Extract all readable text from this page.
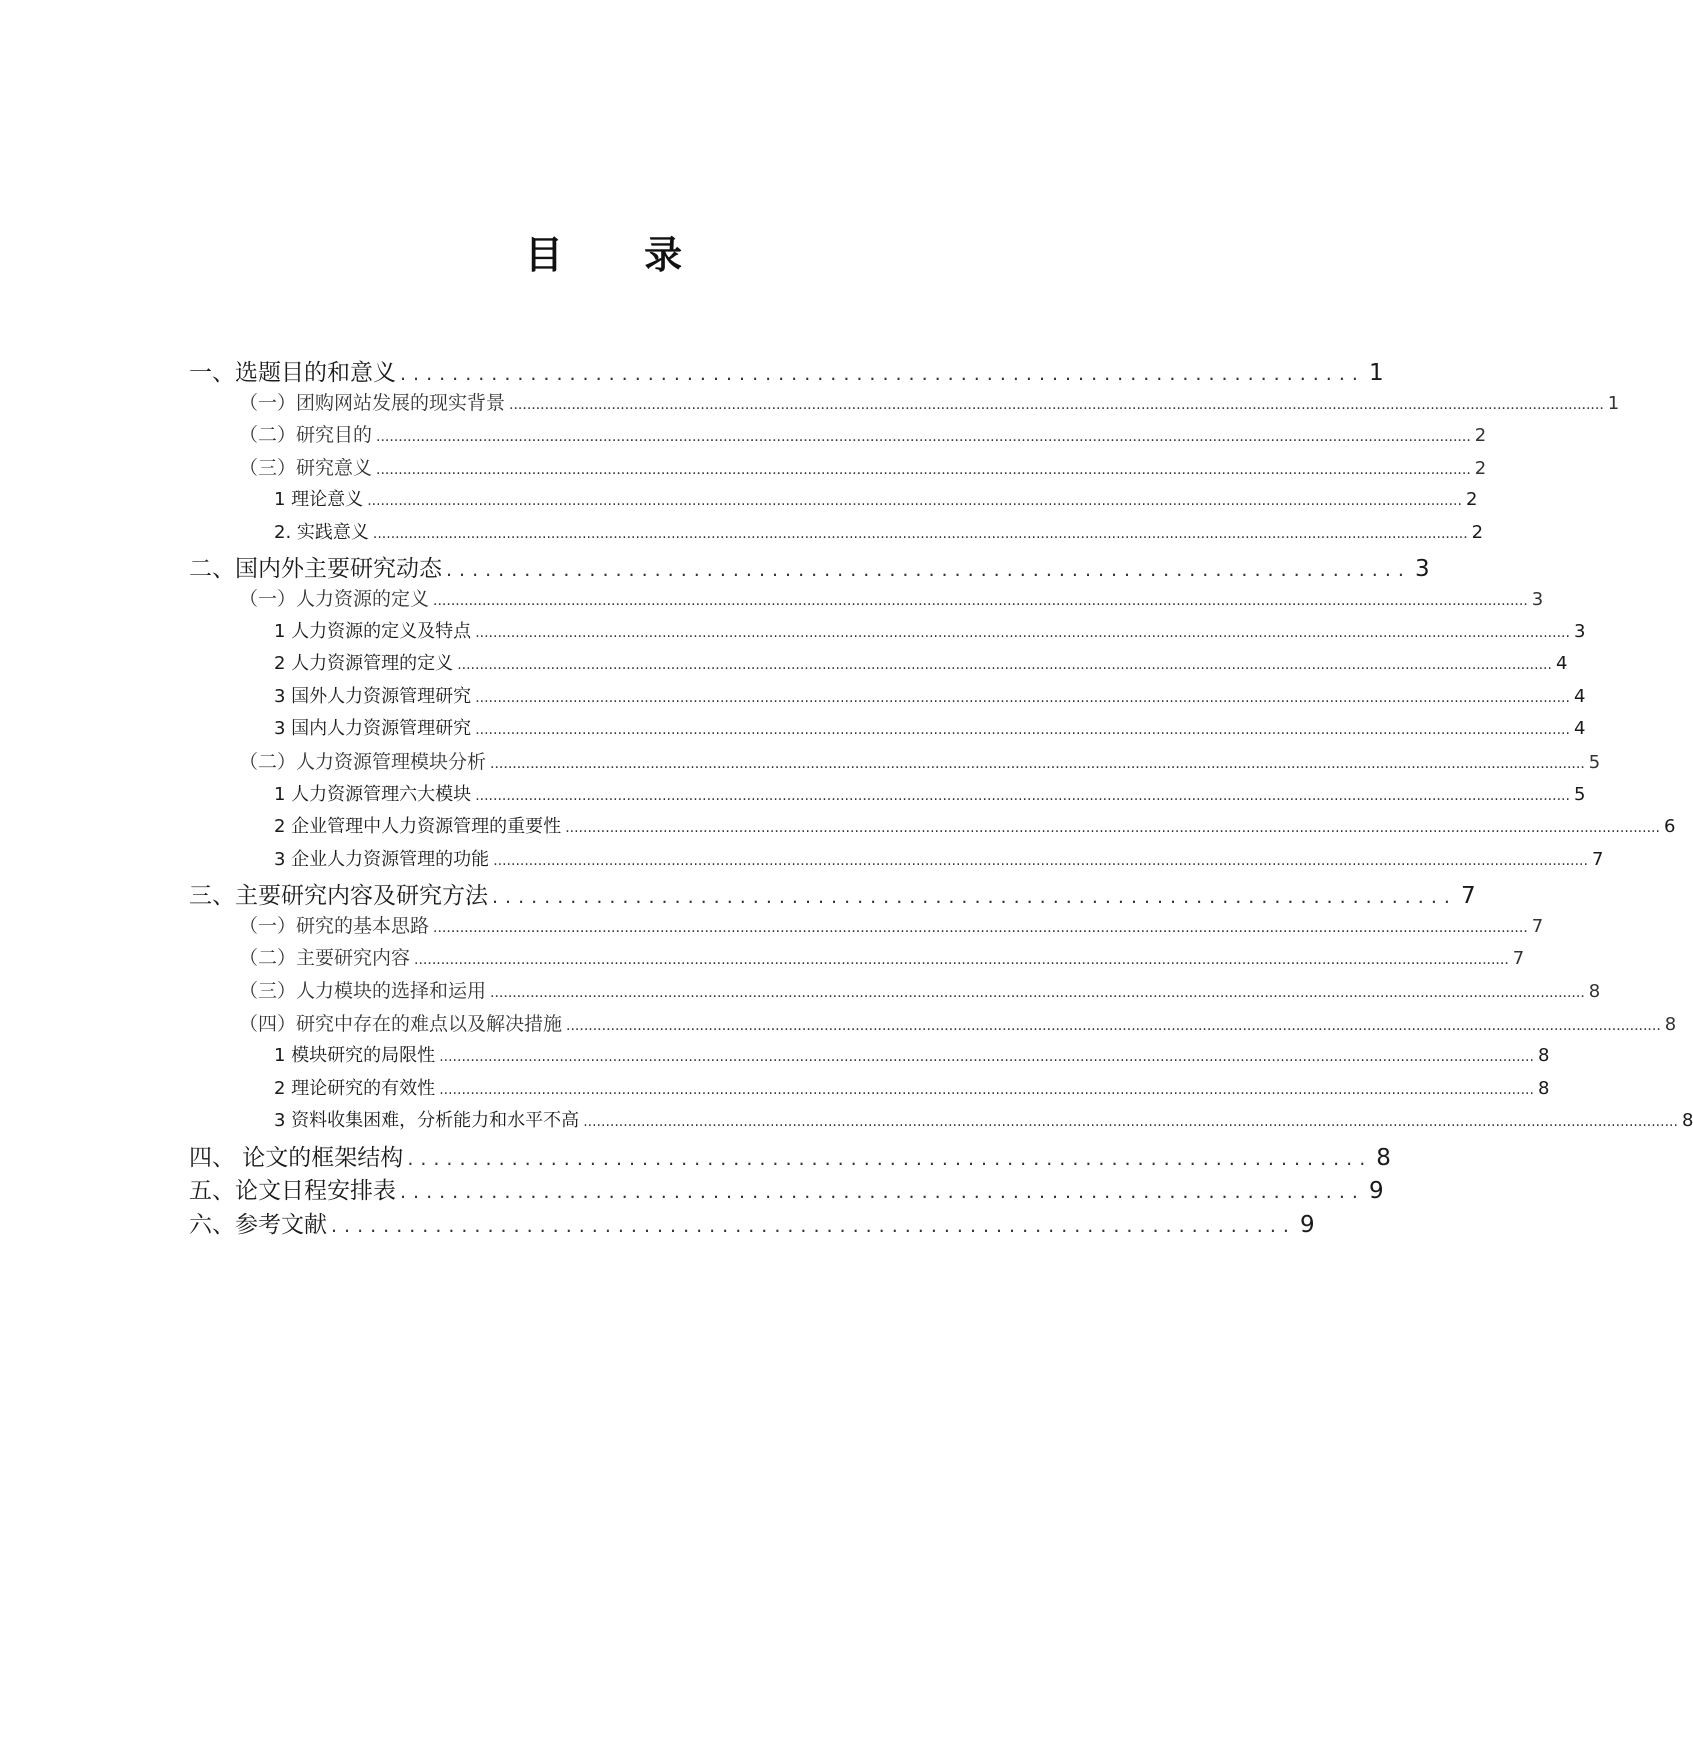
目 录
一、选题目的和意义 .......................................................................... 1
（一）团购网站发展的现实背景 ...................................................................................................................................................................................................................................................... 1
（二）研究目的 ...................................................................................................................................................................................................................................................... 2
（三）研究意义 ...................................................................................................................................................................................................................................................... 2
1 理论意义 ...................................................................................................................................................................................................................................................... 2
2. 实践意义 ...................................................................................................................................................................................................................................................... 2
二、国内外主要研究动态 .......................................................................... 3
（一）人力资源的定义 ...................................................................................................................................................................................................................................................... 3
1 人力资源的定义及特点 ...................................................................................................................................................................................................................................................... 3
2 人力资源管理的定义 ...................................................................................................................................................................................................................................................... 4
3 国外人力资源管理研究 ...................................................................................................................................................................................................................................................... 4
3 国内人力资源管理研究 ...................................................................................................................................................................................................................................................... 4
（二）人力资源管理模块分析 ...................................................................................................................................................................................................................................................... 5
1 人力资源管理六大模块 ...................................................................................................................................................................................................................................................... 5
2 企业管理中人力资源管理的重要性 ...................................................................................................................................................................................................................................................... 6
3 企业人力资源管理的功能 ...................................................................................................................................................................................................................................................... 7
三、主要研究内容及研究方法 .......................................................................... 7
（一）研究的基本思路 ...................................................................................................................................................................................................................................................... 7
（二）主要研究内容 ...................................................................................................................................................................................................................................................... 7
（三）人力模块的选择和运用 ...................................................................................................................................................................................................................................................... 8
（四）研究中存在的难点以及解决措施 ...................................................................................................................................................................................................................................................... 8
1 模块研究的局限性 ...................................................................................................................................................................................................................................................... 8
2 理论研究的有效性 ...................................................................................................................................................................................................................................................... 8
3 资料收集困难，分析能力和水平不高 ...................................................................................................................................................................................................................................................... 8
四、 论文的框架结构 .......................................................................... 8
五、论文日程安排表 .......................................................................... 9
六、参考文献 .......................................................................... 9
